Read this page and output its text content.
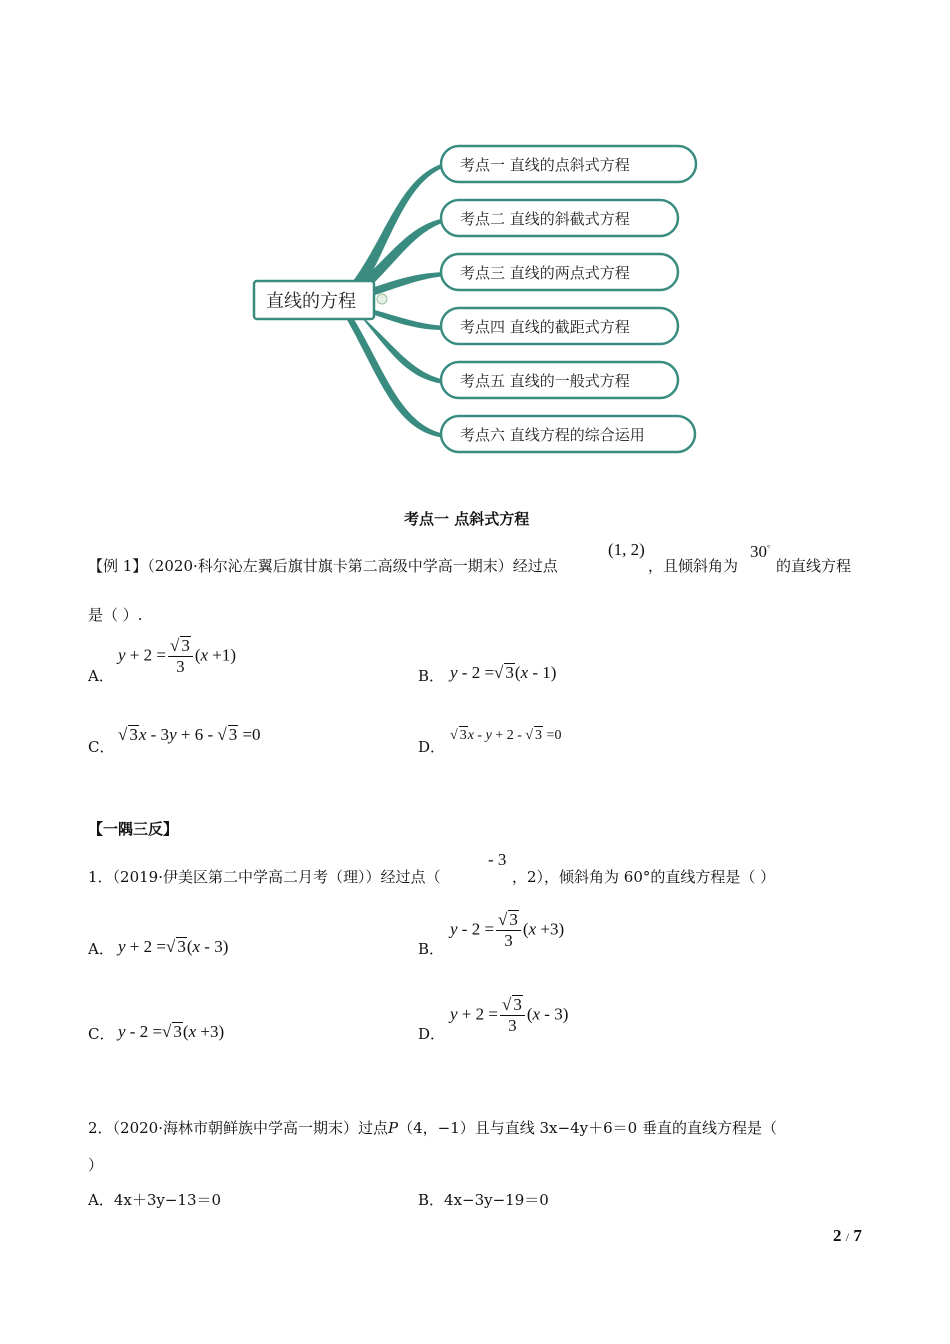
直线的方程
考点一 直线的点斜式方程
考点二 直线的斜截式方程
考点三 直线的两点式方程
考点四 直线的截距式方程
考点五 直线的一般式方程
考点六 直线方程的综合运用
考点一 点斜式方程
【例 1】（2020·科尔沁左翼后旗甘旗卡第二高级中学高一期末）经过点
(1, 2)
，且倾斜角为
30°
的直线方程
是（ ）.
A．
$y + 2 = \frac{√ 3}{3} (x +1)$
B． y - 2 =√ 3(x - 1)
C．
√ 3x - 3y + 6 - √ 3 =0
D．
√ 3x - y + 2 - √ 3 =0
【一隅三反】
1．（2019·伊美区第二中学高二月考（理））经过点（
- 3
，2），倾斜角为 60°的直线方程是（ ）
A． y + 2 =√ 3(x - 3)	B．
$y - 2 = \frac{√ 3}{3} (x +3)$
C． y - 2 =√ 3(x +3)	D．
$y + 2 = \frac{√ 3}{3} (x - 3)$
2．（2020·海林市朝鲜族中学高一期末）过点P（4，−1）且与直线 3x−4y＋6＝0 垂直的直线方程是（
）
A．4x＋3y−13＝0	B．4x−3y−19＝0
2 / 7
